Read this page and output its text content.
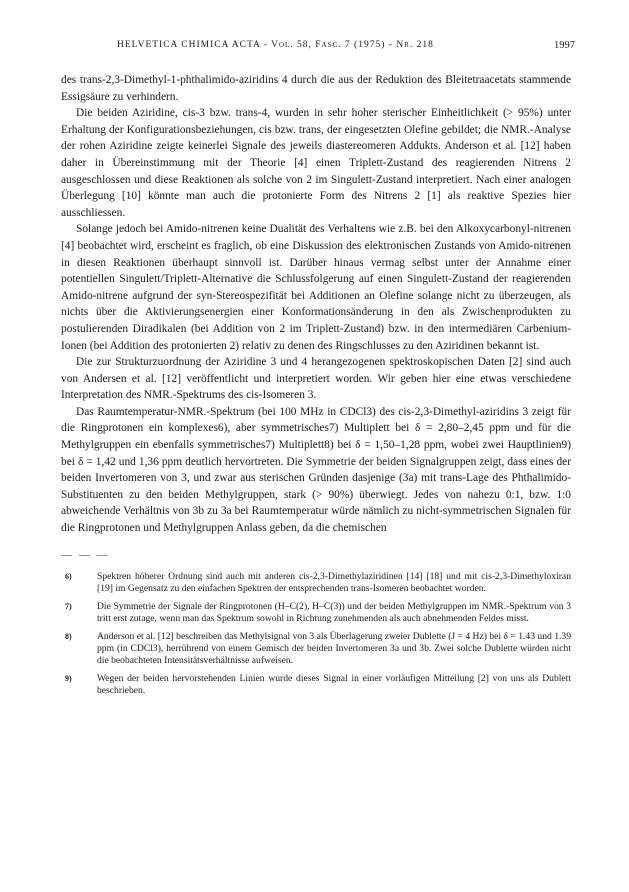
HELVETICA CHIMICA ACTA - Vol. 58, Fasc. 7 (1975) - Nr. 218	1997

des trans-2,3-Dimethyl-1-phthalimido-aziridins 4 durch die aus der Reduktion des Bleitetraacetats stammende Essigsäure zu verhindern.

Die beiden Aziridine, cis-3 bzw. trans-4, wurden in sehr hoher sterischer Einheitlichkeit (> 95%) unter Erhaltung der Konfigurationsbeziehungen, cis bzw. trans, der eingesetzten Olefine gebildet; die NMR.-Analyse der rohen Aziridine zeigte keinerlei Signale des jeweils diastereomeren Addukts. Anderson et al. [12] haben daher in Übereinstimmung mit der Theorie [4] einen Triplett-Zustand des reagierenden Nitrens 2 ausgeschlossen und diese Reaktionen als solche von 2 im Singulett-Zustand interpretiert. Nach einer analogen Überlegung [10] könnte man auch die protonierte Form des Nitrens 2 [1] als reaktive Spezies hier ausschliessen.

Solange jedoch bei Amido-nitrenen keine Dualität des Verhaltens wie z.B. bei den Alkoxycarbonyl-nitrenen [4] beobachtet wird, erscheint es fraglich, ob eine Diskussion des elektronischen Zustands von Amido-nitrenen in diesen Reaktionen überhaupt sinnvoll ist. Darüber hinaus vermag selbst unter der Annahme einer potentiellen Singulett/Triplett-Alternative die Schlussfolgerung auf einen Singulett-Zustand der reagierenden Amido-nitrene aufgrund der syn-Stereospezifität bei Additionen an Olefine solange nicht zu überzeugen, als nichts über die Aktivierungsenergien einer Konformationsänderung in den als Zwischenprodukten zu postulierenden Diradikalen (bei Addition von 2 im Triplett-Zustand) bzw. in den intermediären Carbenium-Ionen (bei Addition des protonierten 2) relativ zu denen des Ringschlusses zu den Aziridinen bekannt ist.

Die zur Strukturzuordnung der Aziridine 3 und 4 herangezogenen spektroskopischen Daten [2] sind auch von Andersen et al. [12] veröffentlicht und interpretiert worden. Wir geben hier eine etwas verschiedene Interpretation des NMR.-Spektrums des cis-Isomeren 3.

Das Raumtemperatur-NMR.-Spektrum (bei 100 MHz in CDCl3) des cis-2,3-Dimethyl-aziridins 3 zeigt für die Ringprotonen ein komplexes6), aber symmetrisches7) Multiplett bei δ = 2,80–2,45 ppm und für die Methylgruppen ein ebenfalls symmetrisches7) Multiplett8) bei δ = 1,50–1,28 ppm, wobei zwei Hauptlinien9) bei δ = 1,42 und 1,36 ppm deutlich hervortreten. Die Symmetrie der beiden Signalgruppen zeigt, dass eines der beiden Invertomeren von 3, und zwar aus sterischen Gründen dasjenige (3a) mit trans-Lage des Phthalimido-Substituenten zu den beiden Methylgruppen, stark (> 90%) überwiegt. Jedes von nahezu 0:1, bzw. 1:0 abweichende Verhältnis von 3b zu 3a bei Raumtemperatur würde nämlich zu nicht-symmetrischen Signalen für die Ringprotonen und Methylgruppen Anlass geben, da die chemischen

— — —
6)	Spektren höherer Ordnung sind auch mit anderen cis-2,3-Dimethylaziridinen [14] [18] und mit cis-2,3-Dimethyloxiran [19] im Gegensatz zu den einfachen Spektren der entsprechenden trans-Isomeren beobachtet worden.
7)	Die Symmetrie der Signale der Ringprotonen (H–C(2), H–C(3)) und der beiden Methylgruppen im NMR.-Spektrum von 3 tritt erst zutage, wenn man das Spektrum sowohl in Richtung zunehmenden als auch abnehmenden Feldes misst.
8)	Anderson et al. [12] beschreiben das Methylsignal von 3 als Überlagerung zweier Dublette (J = 4 Hz) bei δ = 1.43 und 1.39 ppm (in CDCl3), herrührend von einem Gemisch der beiden Invertomeren 3a und 3b. Zwei solche Dublette würden nicht die beobachteten Intensitätsverhältnisse aufweisen.
9)	Wegen der beiden hervorstehenden Linien wurde dieses Signal in einer vorläufigen Mitteilung [2] von uns als Dublett beschrieben.
